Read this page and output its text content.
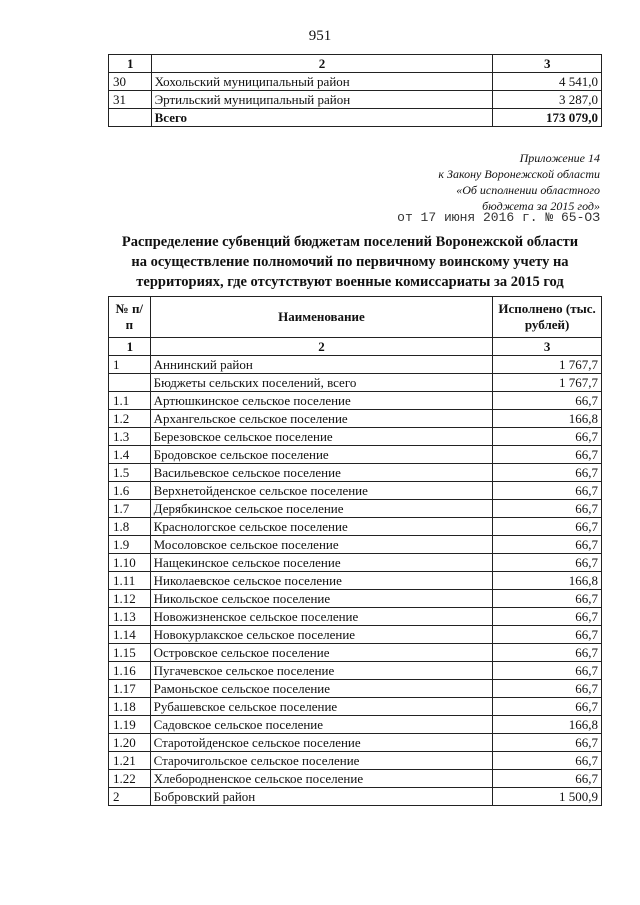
951
1	2	3
30	Хохольский муниципальный район	4 541,0
31	Эртильский муниципальный район	3 287,0
	Всего	173 079,0
Приложение 14
к Закону Воронежской области
«Об исполнении областного
бюджета за 2015 год»
от 17 июня 2016 г. № 65-ОЗ
Распределение субвенций бюджетам поселений Воронежской области
на осуществление полномочий по первичному воинскому учету на
территориях, где отсутствуют военные комиссариаты за 2015 год
№ п/п	Наименование	Исполнено (тыс. рублей)
1	2	3
1	Аннинский район	1 767,7
	Бюджеты сельских поселений, всего	1 767,7
1.1	Артюшкинское сельское поселение	66,7
1.2	Архангельское сельское поселение	166,8
1.3	Березовское сельское поселение	66,7
1.4	Бродовское сельское поселение	66,7
1.5	Васильевское сельское поселение	66,7
1.6	Верхнетойденское сельское поселение	66,7
1.7	Дерябкинское сельское поселение	66,7
1.8	Краснологское сельское поселение	66,7
1.9	Мосоловское сельское поселение	66,7
1.10	Нащекинское сельское поселение	66,7
1.11	Николаевское сельское поселение	166,8
1.12	Никольское сельское поселение	66,7
1.13	Новожизненское сельское поселение	66,7
1.14	Новокурлакское сельское поселение	66,7
1.15	Островское сельское поселение	66,7
1.16	Пугачевское сельское поселение	66,7
1.17	Рамоньское сельское поселение	66,7
1.18	Рубашевское сельское поселение	66,7
1.19	Садовское сельское поселение	166,8
1.20	Старотойденское сельское поселение	66,7
1.21	Старочигольское сельское поселение	66,7
1.22	Хлебородненское сельское поселение	66,7
2	Бобровский район	1 500,9
